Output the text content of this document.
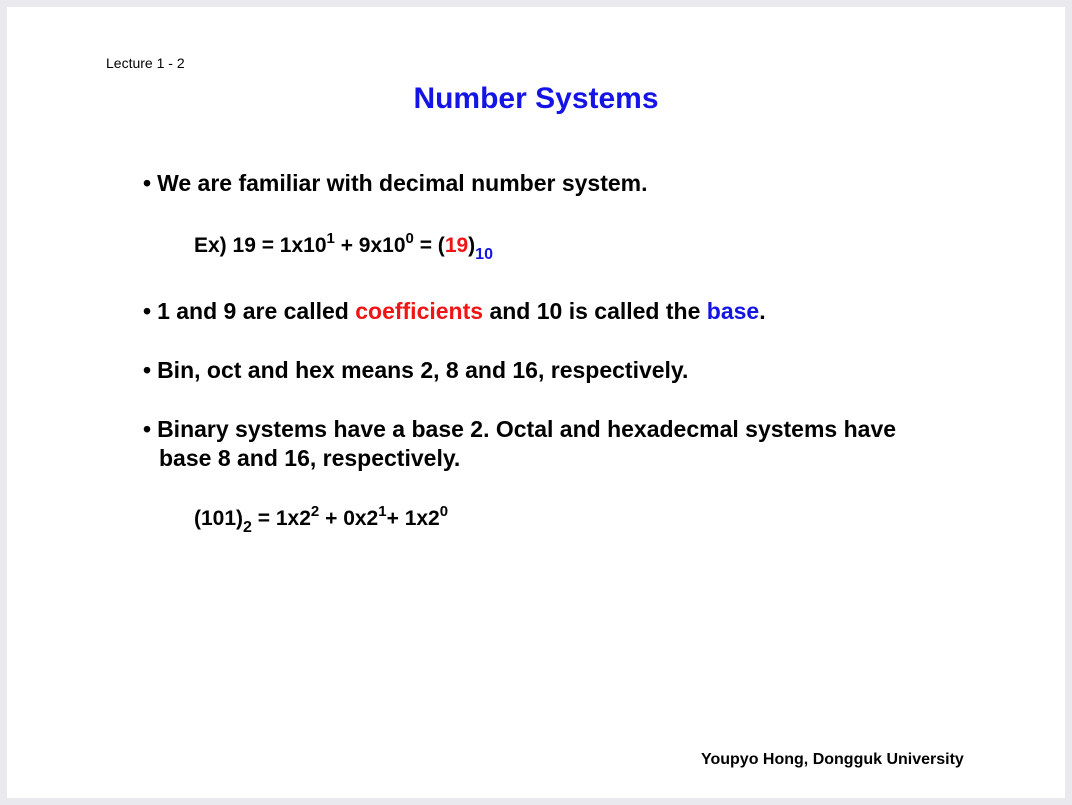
Lecture 1 - 2
Number Systems
• We are familiar with decimal number system.
Ex) $19 = 1x10^1 + 9x10^0 = (19)_{10}$
• 1 and 9 are called coefficients and 10 is called the base.
• Bin, oct and hex means 2, 8 and 16, respectively.
• Binary systems have a base 2. Octal and hexadecmal systems have
base 8 and 16, respectively.
$(101)_2 = 1x2^2 + 0x2^1+ 1x2^0$
Youpyo Hong, Dongguk University
